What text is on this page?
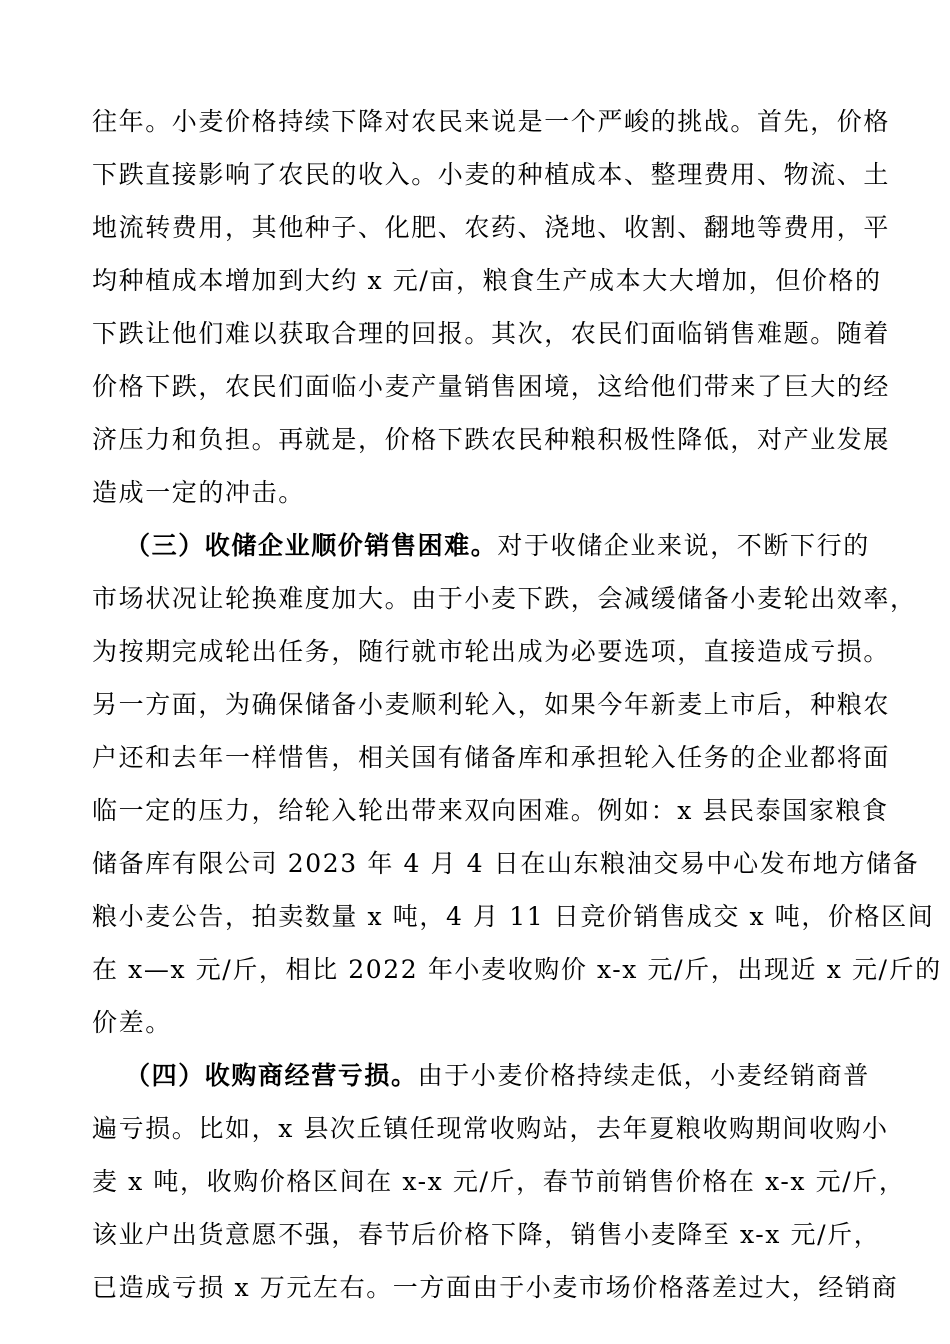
往年。小麦价格持续下降对农民来说是一个严峻的挑战。首先，价格
下跌直接影响了农民的收入。小麦的种植成本、整理费用、物流、土
地流转费用，其他种子、化肥、农药、浇地、收割、翻地等费用，平
均种植成本增加到大约 x 元/亩，粮食生产成本大大增加，但价格的
下跌让他们难以获取合理的回报。其次，农民们面临销售难题。随着
价格下跌，农民们面临小麦产量销售困境，这给他们带来了巨大的经
济压力和负担。再就是，价格下跌农民种粮积极性降低，对产业发展
造成一定的冲击。
（三）收储企业顺价销售困难。对于收储企业来说，不断下行的
市场状况让轮换难度加大。由于小麦下跌，会减缓储备小麦轮出效率，
为按期完成轮出任务，随行就市轮出成为必要选项，直接造成亏损。
另一方面，为确保储备小麦顺利轮入，如果今年新麦上市后，种粮农
户还和去年一样惜售，相关国有储备库和承担轮入任务的企业都将面
临一定的压力，给轮入轮出带来双向困难。例如：x 县民泰国家粮食
储备库有限公司 2023 年 4 月 4 日在山东粮油交易中心发布地方储备
粮小麦公告，拍卖数量 x 吨，4 月 11 日竞价销售成交 x 吨，价格区间
在 x—x 元/斤，相比 2022 年小麦收购价 x-x 元/斤，出现近 x 元/斤的
价差。
（四）收购商经营亏损。由于小麦价格持续走低，小麦经销商普
遍亏损。比如，x 县次丘镇任现常收购站，去年夏粮收购期间收购小
麦 x 吨，收购价格区间在 x-x 元/斤，春节前销售价格在 x-x 元/斤，
该业户出货意愿不强，春节后价格下降，销售小麦降至 x-x 元/斤，
已造成亏损 x 万元左右。一方面由于小麦市场价格落差过大，经销商
